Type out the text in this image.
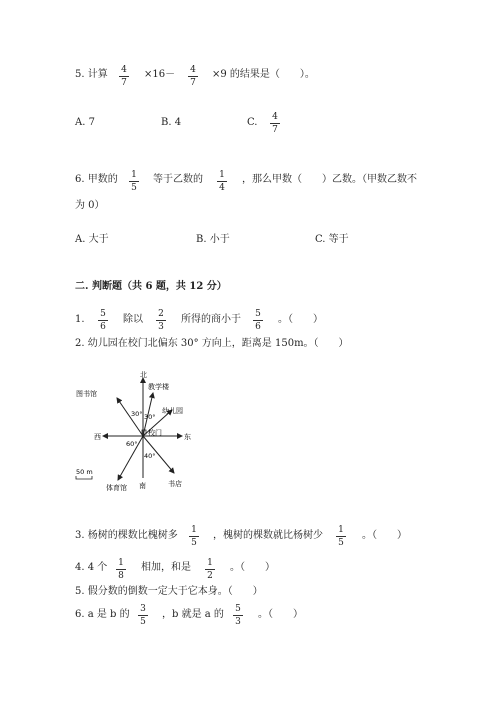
5. 计算	4
7
×16－	4
7
×9 的结果是（　　）。
A. 7	B. 4	C.	4
7
6. 甲数的	1
5
等于乙数的	1
4
，那么甲数（　　）乙数。（甲数乙数不
为 0）
A. 大于	B. 小于	C. 等于
二. 判断题（共 6 题，共 12 分）
1.	5
6
除以	2
3
所得的商小于	5
6
。（　　）
2. 幼儿园在校门北偏东 30° 方向上，距离是 150m。（　　）
北
南
东
西
图书馆
教学楼
幼儿园
校门
体育馆	书店
30° 30°
60°
40°
50 m
3. 杨树的棵数比槐树多	1
5
，槐树的棵数就比杨树少	1
5
。（　　）
4. 4 个	1
8
相加，和是	1
2
。（　　）
5. 假分数的倒数一定大于它本身。（　　）
6. a 是 b 的	3
5
，b 就是 a 的	5
3
。（　　）
